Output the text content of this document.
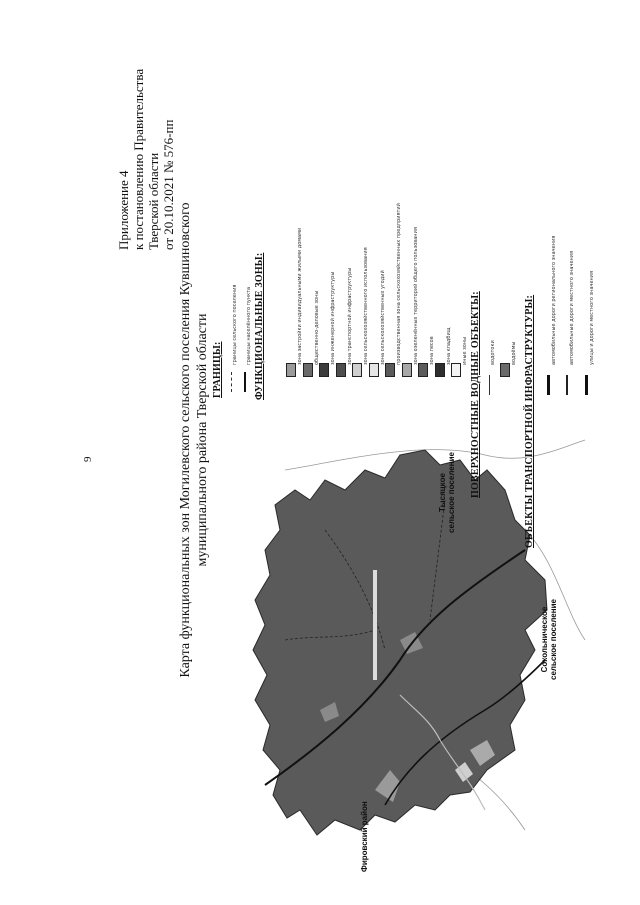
9
Приложение 4 к постановлению Правительства Тверской области от 20.10.2021 № 576-пп
Карта функциональных зон Могилевского сельского поселения Кувшиновского муниципального района Тверской области	Тысяцкое сельское поселение
Сокольническое сельское поселение
Фировский район
ГРАНИЦЫ:
границы сельского поселения границы населённого пункта ФУНКЦИОНАЛЬНЫЕ ЗОНЫ:	зона застройки индивидуальными жилыми домами общественно-деловые зоны зона инженерной инфраструктуры зона транспортной инфраструктуры зона сельскохозяйственного использования зона сельскохозяйственных угодий производственная зона сельскохозяйственных предприятий зона озеленённых территорий общего пользования зона лесов зона кладбищ иные зоны ПОВЕРХНОСТНЫЕ ВОДНЫЕ ОБЪЕКТЫ: водотоки	водоёмы ОБЪЕКТЫ ТРАНСПОРТНОЙ ИНФРАСТРУКТУРЫ:	автомобильные дороги регионального значения автомобильные дороги местного значения	улицы и дороги местного значения
